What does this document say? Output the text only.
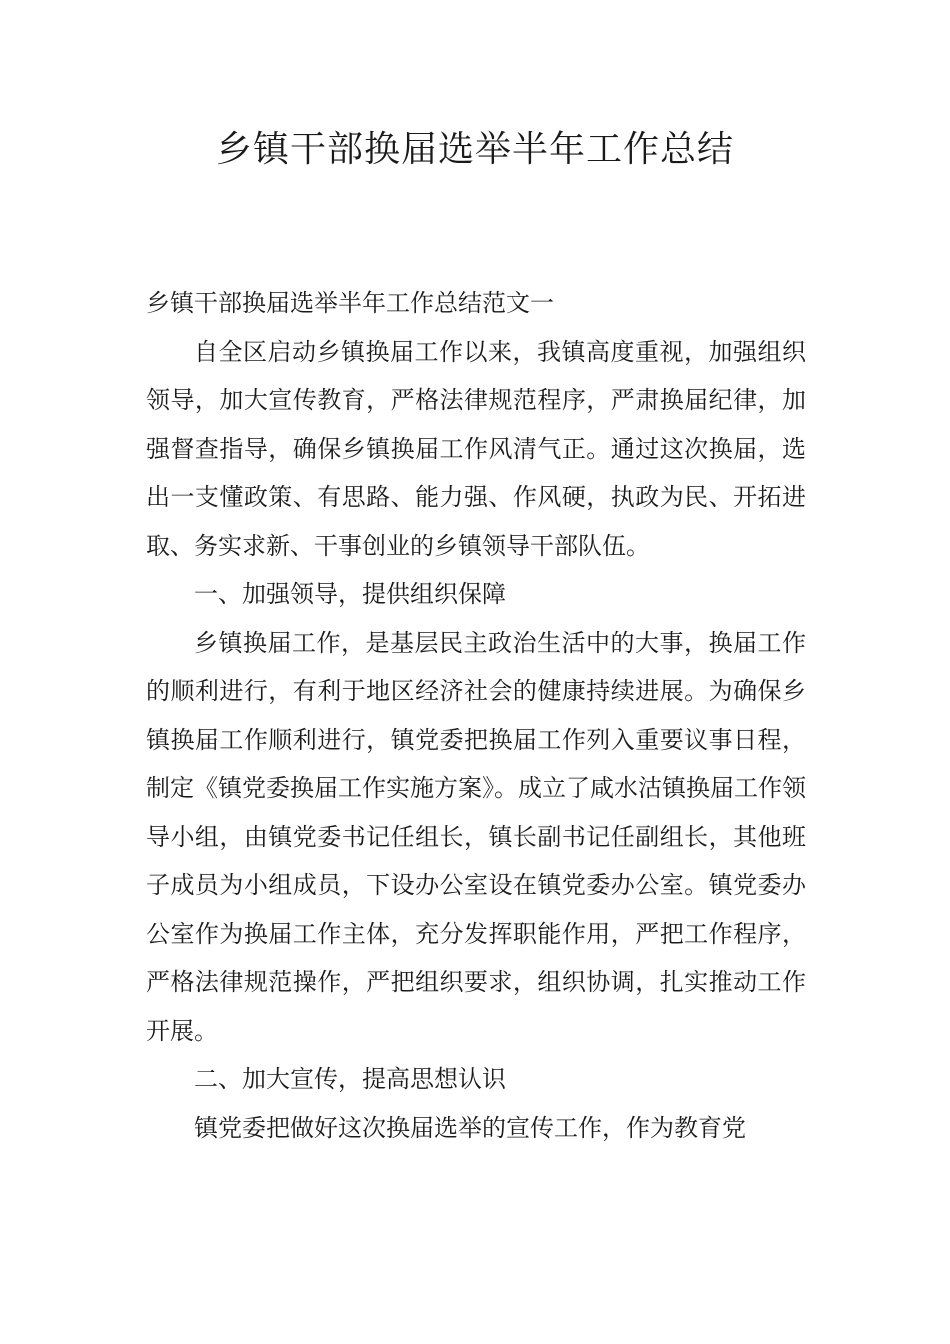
乡镇干部换届选举半年工作总结

乡镇干部换届选举半年工作总结范文一

自全区启动乡镇换届工作以来，我镇高度重视，加强组织领导，加大宣传教育，严格法律规范程序，严肃换届纪律，加强督查指导，确保乡镇换届工作风清气正。通过这次换届，选出一支懂政策、有思路、能力强、作风硬，执政为民、开拓进取、务实求新、干事创业的乡镇领导干部队伍。

一、加强领导，提供组织保障

乡镇换届工作，是基层民主政治生活中的大事，换届工作的顺利进行，有利于地区经济社会的健康持续进展。为确保乡镇换届工作顺利进行，镇党委把换届工作列入重要议事日程，制定《镇党委换届工作实施方案》。成立了咸水沽镇换届工作领导小组，由镇党委书记任组长，镇长副书记任副组长，其他班子成员为小组成员，下设办公室设在镇党委办公室。镇党委办公室作为换届工作主体，充分发挥职能作用，严把工作程序，严格法律规范操作，严把组织要求，组织协调，扎实推动工作开展。

二、加大宣传，提高思想认识

镇党委把做好这次换届选举的宣传工作，作为教育党
